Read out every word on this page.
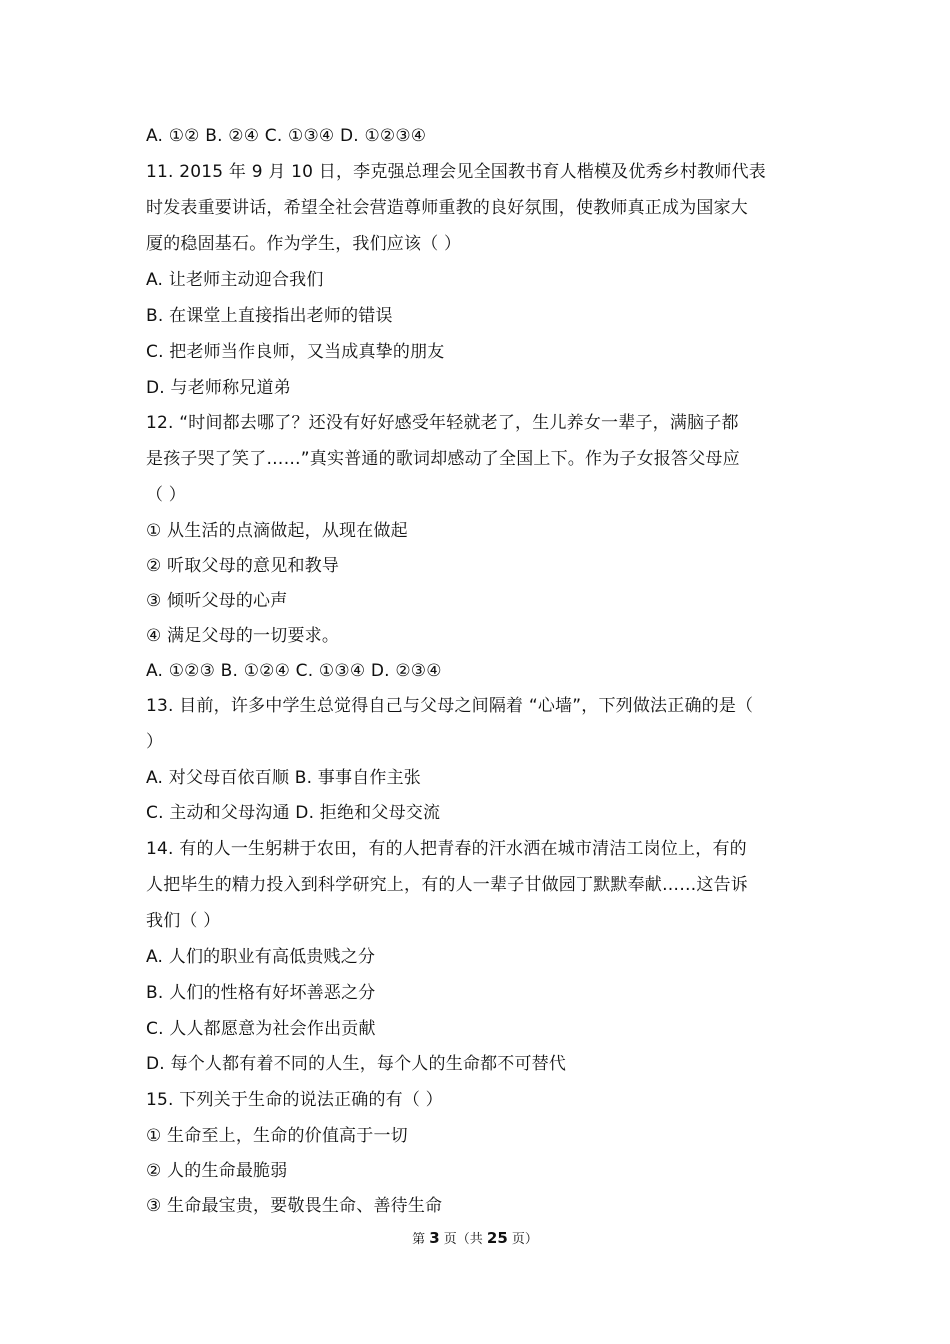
A. ①② B. ②④ C. ①③④ D. ①②③④
11. 2015 年 9 月 10 日，李克强总理会见全国教书育人楷模及优秀乡村教师代表
时发表重要讲话，希望全社会营造尊师重教的良好氛围，使教师真正成为国家大
厦的稳固基石。作为学生，我们应该（ ）
A. 让老师主动迎合我们
B. 在课堂上直接指出老师的错误
C. 把老师当作良师，又当成真挚的朋友
D. 与老师称兄道弟
12. “时间都去哪了？还没有好好感受年轻就老了，生儿养女一辈子，满脑子都
是孩子哭了笑了……”真实普通的歌词却感动了全国上下。作为子女报答父母应
（ ）
① 从生活的点滴做起，从现在做起
② 听取父母的意见和教导
③ 倾听父母的心声
④ 满足父母的一切要求。
A. ①②③ B. ①②④ C. ①③④ D. ②③④
13. 目前，许多中学生总觉得自己与父母之间隔着 “心墙”，下列做法正确的是（
）
A. 对父母百依百顺 B. 事事自作主张
C. 主动和父母沟通 D. 拒绝和父母交流
14. 有的人一生躬耕于农田，有的人把青春的汗水洒在城市清洁工岗位上，有的
人把毕生的精力投入到科学研究上，有的人一辈子甘做园丁默默奉献……这告诉
我们（ ）
A. 人们的职业有高低贵贱之分
B. 人们的性格有好坏善恶之分
C. 人人都愿意为社会作出贡献
D. 每个人都有着不同的人生，每个人的生命都不可替代
15. 下列关于生命的说法正确的有（ ）
① 生命至上，生命的价值高于一切
② 人的生命最脆弱
③ 生命最宝贵，要敬畏生命、善待生命
第 3 页（共 25 页）
